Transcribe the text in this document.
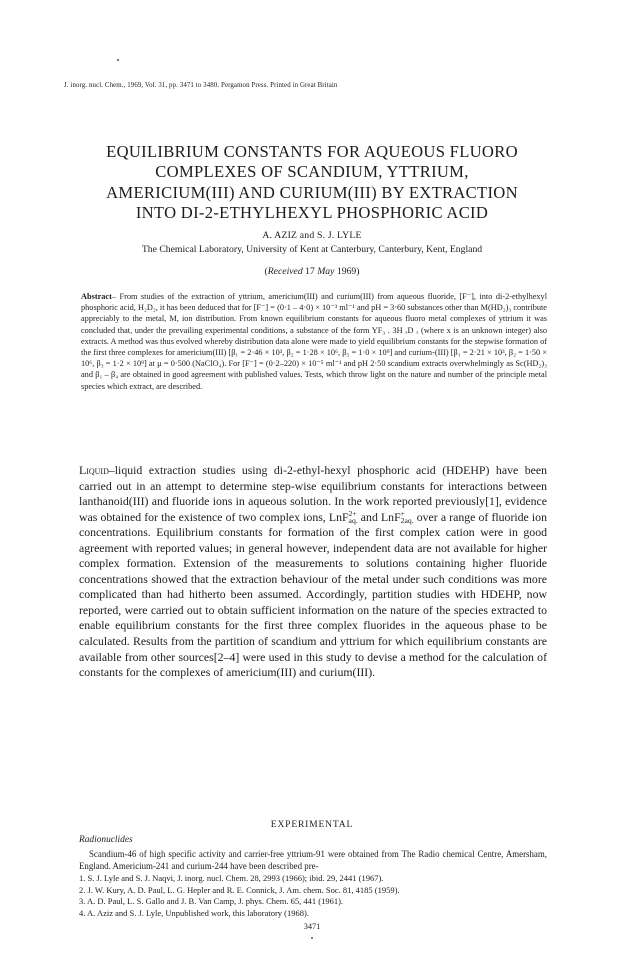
J. inorg. nucl. Chem., 1969, Vol. 31, pp. 3471 to 3480. Pergamon Press. Printed in Great Britain
EQUILIBRIUM CONSTANTS FOR AQUEOUS FLUORO
COMPLEXES OF SCANDIUM, YTTRIUM,
AMERICIUM(III) AND CURIUM(III) BY EXTRACTION
INTO DI-2-ETHYLHEXYL PHOSPHORIC ACID
A. AZIZ and S. J. LYLE
The Chemical Laboratory, University of Kent at Canterbury, Canterbury, Kent, England
(Received 17 May 1969)
Abstract– From studies of the extraction of yttrium, americium(III) and curium(III) from aqueous fluoride, [F⁻], into di-2-ethylhexyl phosphoric acid, H₂D₂, it has been deduced that for [F⁻] = (0·1 – 4·0) × 10⁻³ ml⁻¹ and pH = 3·60 substances other than M(HD₂)₃ contribute appreciably to the metal, M, ion distribution. From known equilibrium constants for aqueous fluoro metal complexes of yttrium it was concluded that, under the prevailing experimental conditions, a substance of the form YF₃ . 3H ₓD ₓ (where x is an unknown integer) also extracts. A method was thus evolved whereby distribution data alone were made to yield equilibrium constants for the stepwise formation of the first three complexes for americium(III) [β₁ = 2·46 × 10³, β₂ = 1·28 × 10⁶, β₃ = 1·0 × 10⁹] and curium-(III) [β₁ = 2·21 × 10³, β₂ = 1·50 × 10⁶, β₃ = 1·2 × 10⁹] at μ = 0·500 (NaClO₄). For [F⁻] = (0·2–220) × 10⁻⁵ ml⁻¹ and pH 2·50 scandium extracts overwhelmingly as Sc(HD₂)₃ and β₁ – β₄ are obtained in good agreement with published values. Tests, which throw light on the nature and number of the principle metal species which extract, are described.
Liquid–liquid extraction studies using di-2-ethyl-hexyl phosphoric acid (HDEHP) have been carried out in an attempt to determine step-wise equilibrium constants for interactions between lanthanoid(III) and fluoride ions in aqueous solution. In the work reported previously[1], evidence was obtained for the existence of two complex ions, LnF 2+
aq. and LnF +
2aq. over a range of fluoride ion concentrations. Equilibrium constants for formation of the first complex cation were in good agreement with reported values; in general however, independent data are not available for higher complex formation. Extension of the measurements to solutions containing higher fluoride concentrations showed that the extraction behaviour of the metal under such conditions was more complicated than had hitherto been assumed. Accordingly, partition studies with HDEHP, now reported, were carried out to obtain sufficient information on the nature of the species extracted to enable equilibrium constants for the first three complex fluorides in the aqueous phase to be calculated. Results from the partition of scandium and yttrium for which equilibrium constants are available from other sources[2–4] were used in this study to devise a method for the calculation of constants for the complexes of americium(III) and curium(III).
EXPERIMENTAL
Radionuclides
Scandium-46 of high specific activity and carrier-free yttrium-91 were obtained from The Radio chemical Centre, Amersham, England. Americium-241 and curium-244 have been described pre-
1. S. J. Lyle and S. J. Naqvi, J. inorg. nucl. Chem. 28, 2993 (1966); ibid. 29, 2441 (1967).
2. J. W. Kury, A. D. Paul, L. G. Hepler and R. E. Connick, J. Am. chem. Soc. 81, 4185 (1959).
3. A. D. Paul, L. S. Gallo and J. B. Van Camp, J. phys. Chem. 65, 441 (1961).
4. A. Aziz and S. J. Lyle, Unpublished work, this laboratory (1968).
3471
